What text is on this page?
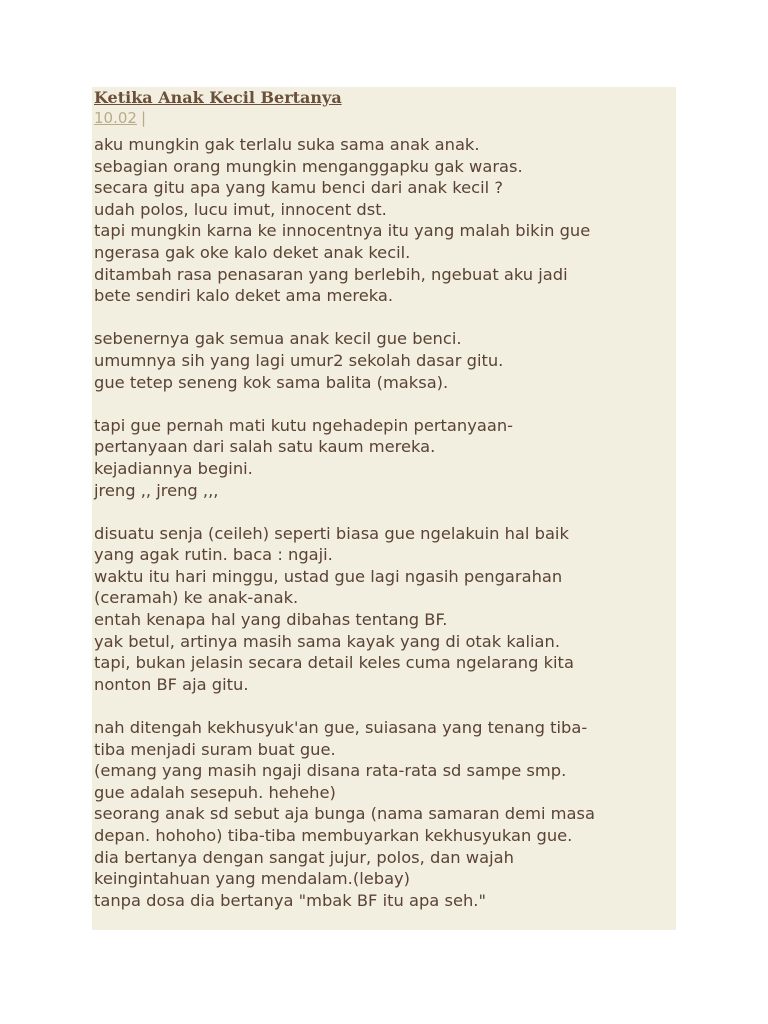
Ketika Anak Kecil Bertanya
10.02 |
aku mungkin gak terlalu suka sama anak anak.
sebagian orang mungkin menganggapku gak waras.
secara gitu apa yang kamu benci dari anak kecil ?
udah polos, lucu imut, innocent dst.
tapi mungkin karna ke innocentnya itu yang malah bikin gue
ngerasa gak oke kalo deket anak kecil.
ditambah rasa penasaran yang berlebih, ngebuat aku jadi
bete sendiri kalo deket ama mereka.
sebenernya gak semua anak kecil gue benci.
umumnya sih yang lagi umur2 sekolah dasar gitu.
gue tetep seneng kok sama balita (maksa).
tapi gue pernah mati kutu ngehadepin pertanyaan-
pertanyaan dari salah satu kaum mereka.
kejadiannya begini.
jreng ,, jreng ,,,
disuatu senja (ceileh) seperti biasa gue ngelakuin hal baik
yang agak rutin. baca : ngaji.
waktu itu hari minggu, ustad gue lagi ngasih pengarahan
(ceramah) ke anak-anak.
entah kenapa hal yang dibahas tentang BF.
yak betul, artinya masih sama kayak yang di otak kalian.
tapi, bukan jelasin secara detail keles cuma ngelarang kita
nonton BF aja gitu.
nah ditengah kekhusyuk'an gue, suiasana yang tenang tiba-
tiba menjadi suram buat gue.
(emang yang masih ngaji disana rata-rata sd sampe smp.
gue adalah sesepuh. hehehe)
seorang anak sd sebut aja bunga (nama samaran demi masa
depan. hohoho) tiba-tiba membuyarkan kekhusyukan gue.
dia bertanya dengan sangat jujur, polos, dan wajah
keingintahuan yang mendalam.(lebay)
tanpa dosa dia bertanya "mbak BF itu apa seh."
